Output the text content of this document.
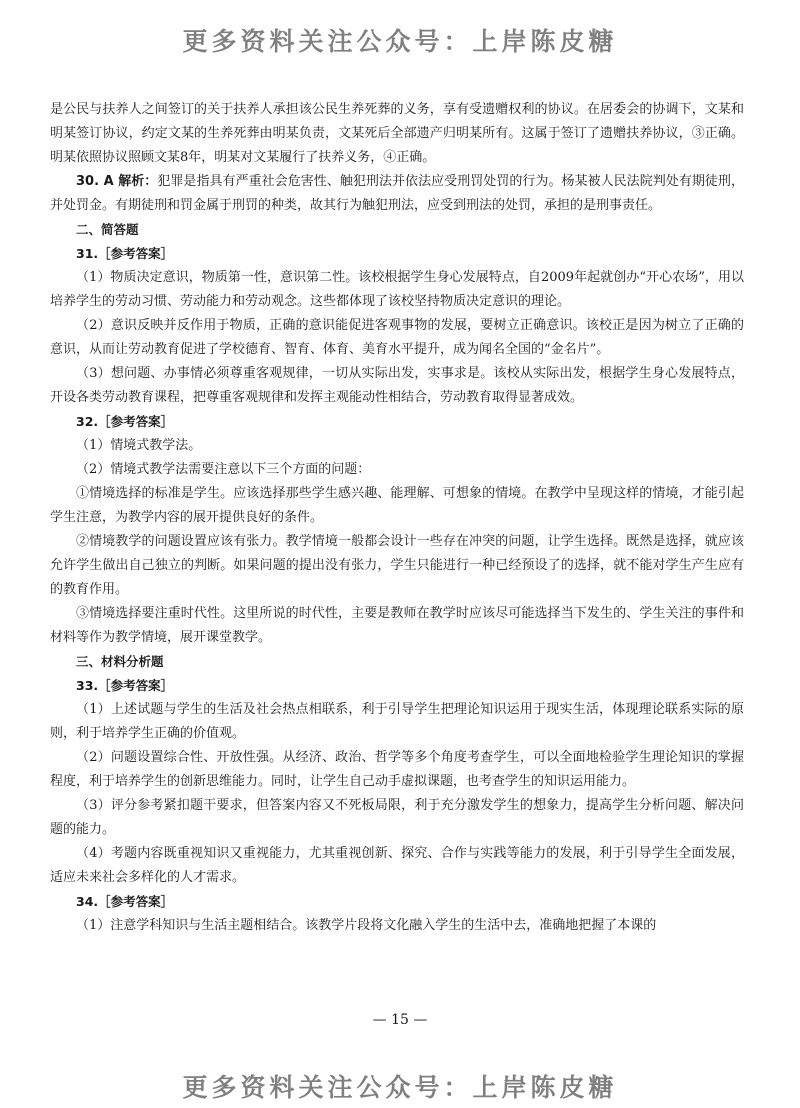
更多资料关注公众号：上岸陈皮糖

是公民与扶养人之间签订的关于扶养人承担该公民生养死葬的义务，享有受遗赠权利的协议。在居委会的协调下，文某和明某签订协议，约定文某的生养死葬由明某负责，文某死后全部遗产归明某所有。这属于签订了遗赠扶养协议，③正确。明某依照协议照顾文某8年，明某对文某履行了扶养义务，④正确。

30. A 解析：犯罪是指具有严重社会危害性、触犯刑法并依法应受刑罚处罚的行为。杨某被人民法院判处有期徒刑，并处罚金。有期徒刑和罚金属于刑罚的种类，故其行为触犯刑法，应受到刑法的处罚，承担的是刑事责任。

二、简答题

31.［参考答案］

（1）物质决定意识，物质第一性，意识第二性。该校根据学生身心发展特点，自2009年起就创办“开心农场”，用以培养学生的劳动习惯、劳动能力和劳动观念。这些都体现了该校坚持物质决定意识的理论。

（2）意识反映并反作用于物质，正确的意识能促进客观事物的发展，要树立正确意识。该校正是因为树立了正确的意识，从而让劳动教育促进了学校德育、智育、体育、美育水平提升，成为闻名全国的“金名片”。

（3）想问题、办事情必须尊重客观规律，一切从实际出发，实事求是。该校从实际出发，根据学生身心发展特点，开设各类劳动教育课程，把尊重客观规律和发挥主观能动性相结合，劳动教育取得显著成效。

32.［参考答案］

（1）情境式教学法。

（2）情境式教学法需要注意以下三个方面的问题：

①情境选择的标准是学生。应该选择那些学生感兴趣、能理解、可想象的情境。在教学中呈现这样的情境，才能引起学生注意，为教学内容的展开提供良好的条件。

②情境教学的问题设置应该有张力。教学情境一般都会设计一些存在冲突的问题，让学生选择。既然是选择，就应该允许学生做出自己独立的判断。如果问题的提出没有张力，学生只能进行一种已经预设了的选择，就不能对学生产生应有的教育作用。

③情境选择要注重时代性。这里所说的时代性，主要是教师在教学时应该尽可能选择当下发生的、学生关注的事件和材料等作为教学情境，展开课堂教学。

三、材料分析题

33.［参考答案］

（1）上述试题与学生的生活及社会热点相联系，利于引导学生把理论知识运用于现实生活，体现理论联系实际的原则，利于培养学生正确的价值观。

（2）问题设置综合性、开放性强。从经济、政治、哲学等多个角度考查学生，可以全面地检验学生理论知识的掌握程度，利于培养学生的创新思维能力。同时，让学生自己动手虚拟课题，也考查学生的知识运用能力。

（3）评分参考紧扣题干要求，但答案内容又不死板局限，利于充分激发学生的想象力，提高学生分析问题、解决问题的能力。

（4）考题内容既重视知识又重视能力，尤其重视创新、探究、合作与实践等能力的发展，利于引导学生全面发展，适应未来社会多样化的人才需求。

34.［参考答案］

（1）注意学科知识与生活主题相结合。该教学片段将文化融入学生的生活中去，准确地把握了本课的

— 15 —
更多资料关注公众号：上岸陈皮糖
